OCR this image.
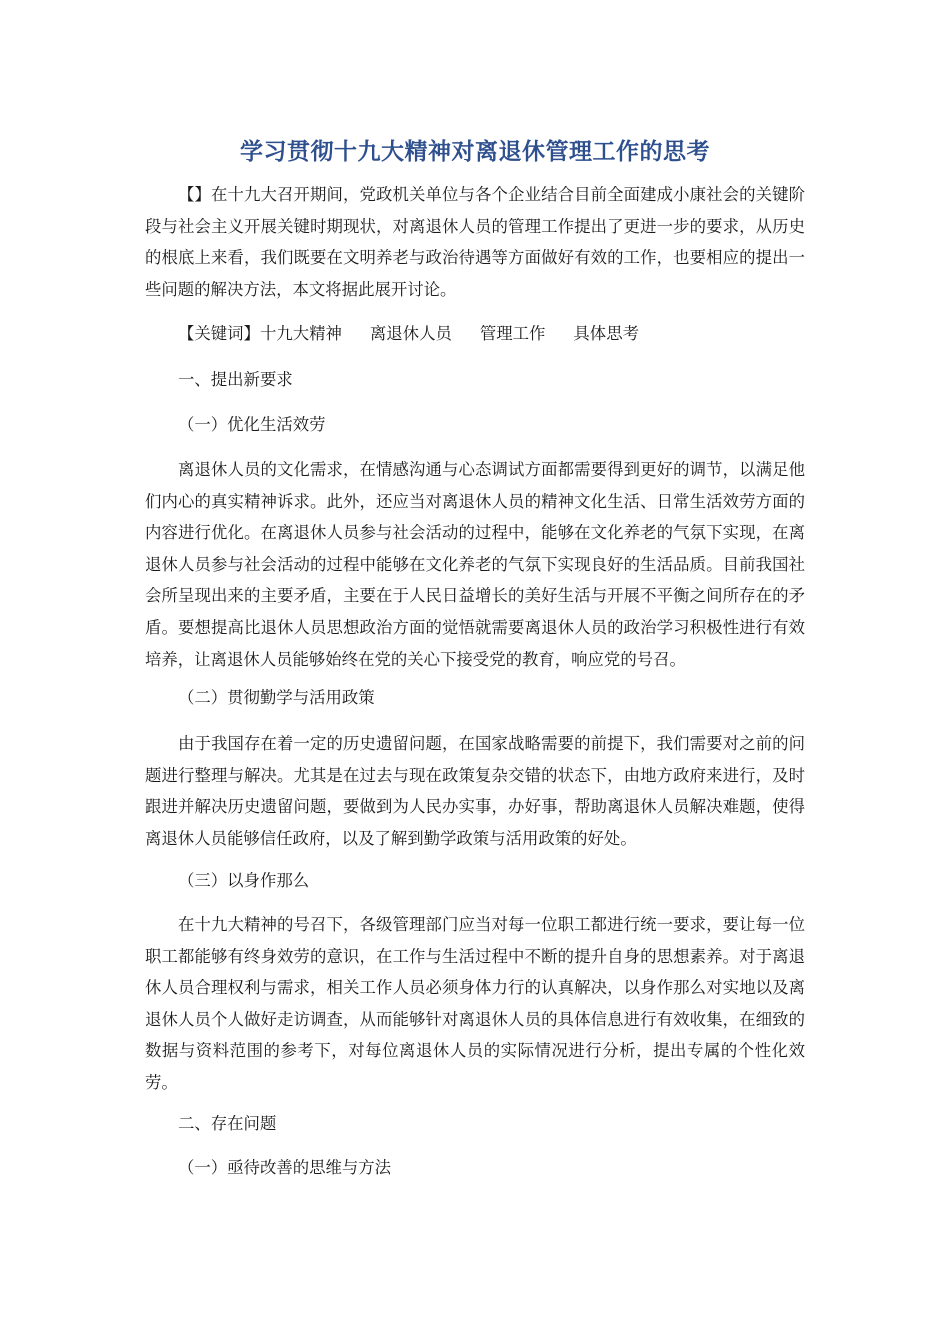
学习贯彻十九大精神对离退休管理工作的思考

【】在十九大召开期间，党政机关单位与各个企业结合目前全面建成小康社会的关键阶段与社会主义开展关键时期现状，对离退休人员的管理工作提出了更进一步的要求，从历史的根底上来看，我们既要在文明养老与政治待遇等方面做好有效的工作，也要相应的提出一些问题的解决方法，本文将据此展开讨论。

【关键词】十九大精神 离退休人员 管理工作 具体思考
一、提出新要求
（一）优化生活效劳

离退休人员的文化需求，在情感沟通与心态调试方面都需要得到更好的调节，以满足他们内心的真实精神诉求。此外，还应当对离退休人员的精神文化生活、日常生活效劳方面的内容进行优化。在离退休人员参与社会活动的过程中，能够在文化养老的气氛下实现，在离退休人员参与社会活动的过程中能够在文化养老的气氛下实现良好的生活品质。目前我国社会所呈现出来的主要矛盾，主要在于人民日益增长的美好生活与开展不平衡之间所存在的矛盾。要想提高比退休人员思想政治方面的觉悟就需要离退休人员的政治学习积极性进行有效培养，让离退休人员能够始终在党的关心下接受党的教育，响应党的号召。

（二）贯彻勤学与活用政策

由于我国存在着一定的历史遗留问题，在国家战略需要的前提下，我们需要对之前的问题进行整理与解决。尤其是在过去与现在政策复杂交错的状态下，由地方政府来进行，及时跟进并解决历史遗留问题，要做到为人民办实事，办好事，帮助离退休人员解决难题，使得离退休人员能够信任政府，以及了解到勤学政策与活用政策的好处。

（三）以身作那么

在十九大精神的号召下，各级管理部门应当对每一位职工都进行统一要求，要让每一位职工都能够有终身效劳的意识，在工作与生活过程中不断的提升自身的思想素养。对于离退休人员合理权利与需求，相关工作人员必须身体力行的认真解决，以身作那么对实地以及离退休人员个人做好走访调查，从而能够针对离退休人员的具体信息进行有效收集，在细致的数据与资料范围的参考下，对每位离退休人员的实际情况进行分析，提出专属的个性化效劳。

二、存在问题
（一）亟待改善的思维与方法
